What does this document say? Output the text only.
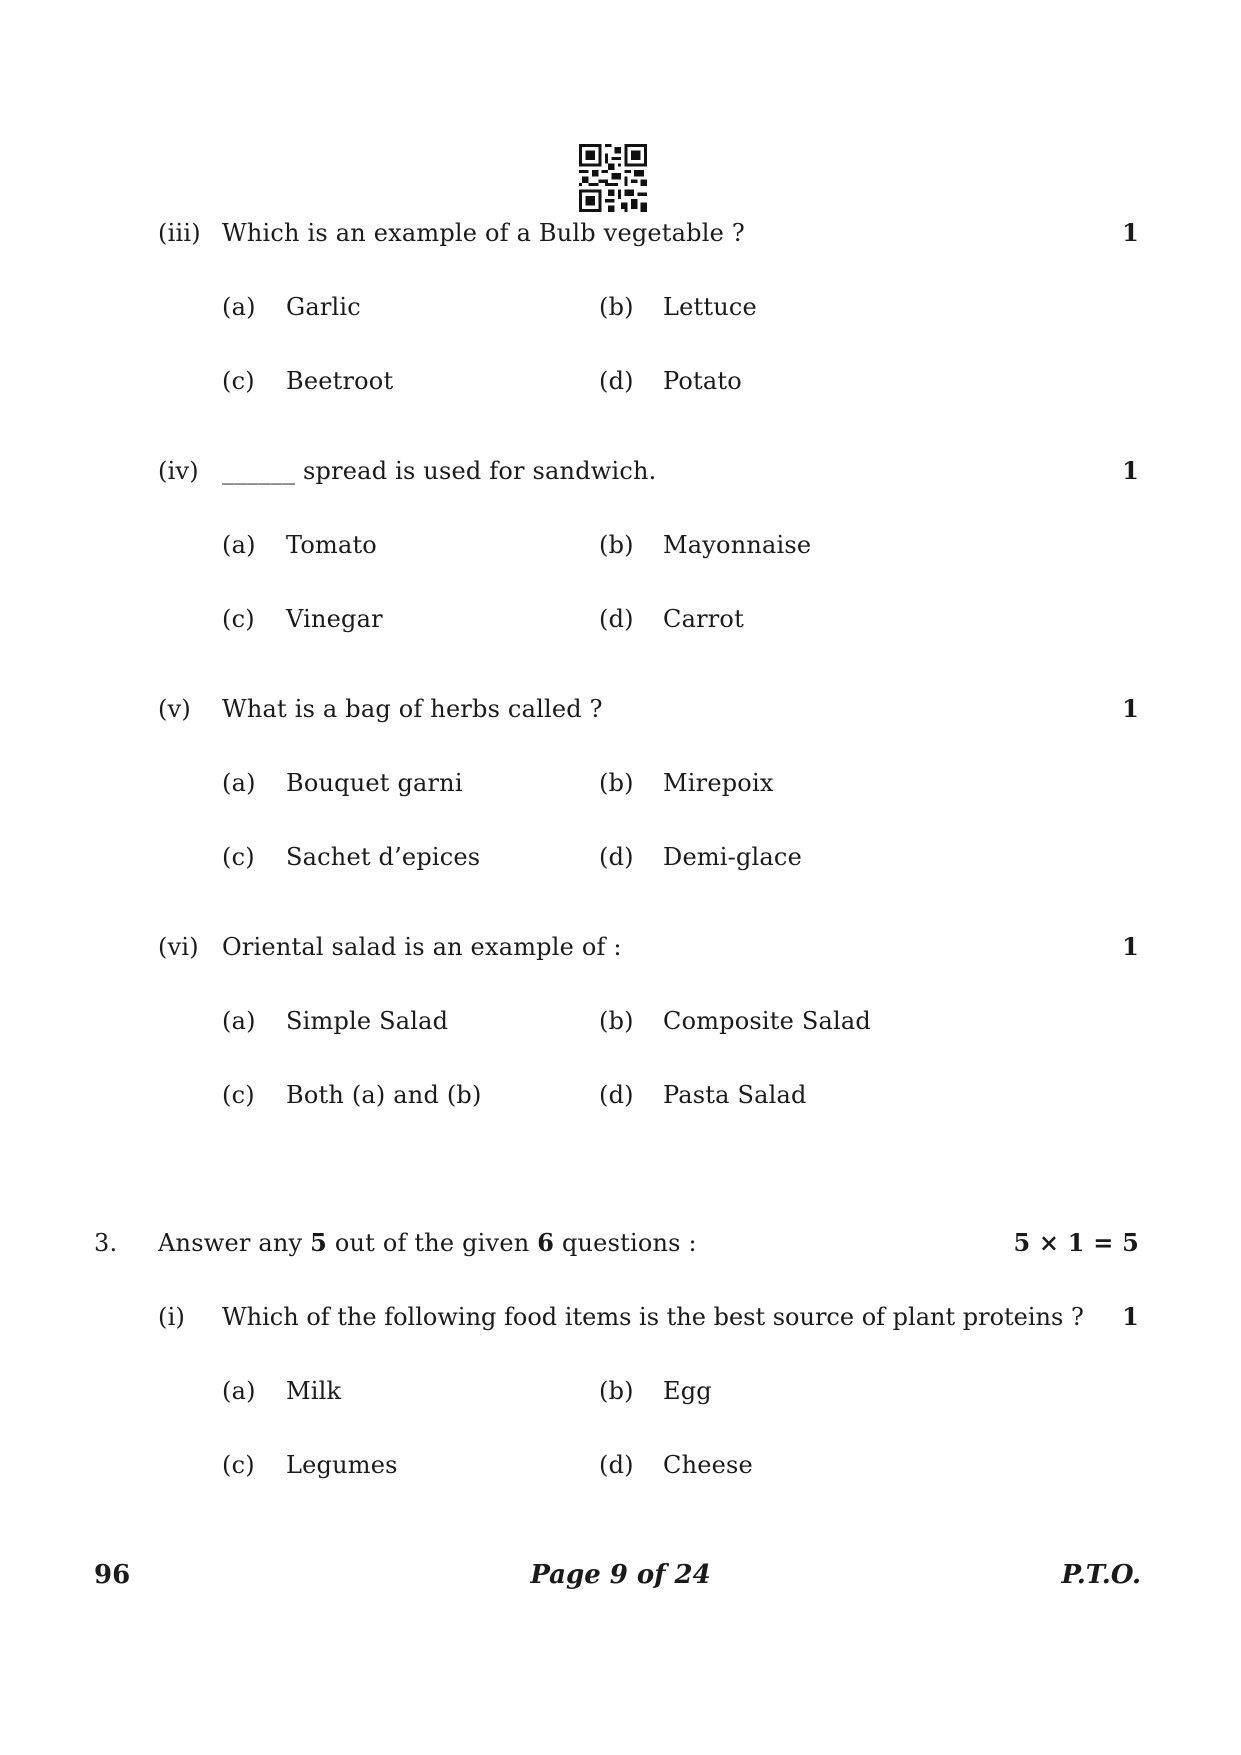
(iii) Which is an example of a Bulb vegetable ?	1
(a) Garlic	(b) Lettuce
(c) Beetroot	(d) Potato
(iv) ______ spread is used for sandwich.	1
(a) Tomato	(b) Mayonnaise
(c) Vinegar	(d) Carrot
(v) What is a bag of herbs called ?	1
(a) Bouquet garni	(b) Mirepoix
(c) Sachet d’epices	(d) Demi-glace
(vi) Oriental salad is an example of :	1
(a) Simple Salad	(b) Composite Salad
(c) Both (a) and (b)	(d) Pasta Salad
3. Answer any 5 out of the given 6 questions :	5 × 1 = 5
(i) Which of the following food items is the best source of plant proteins ? 1
(a) Milk	(b) Egg
(c) Legumes	(d) Cheese
96	Page 9 of 24	P.T.O.
